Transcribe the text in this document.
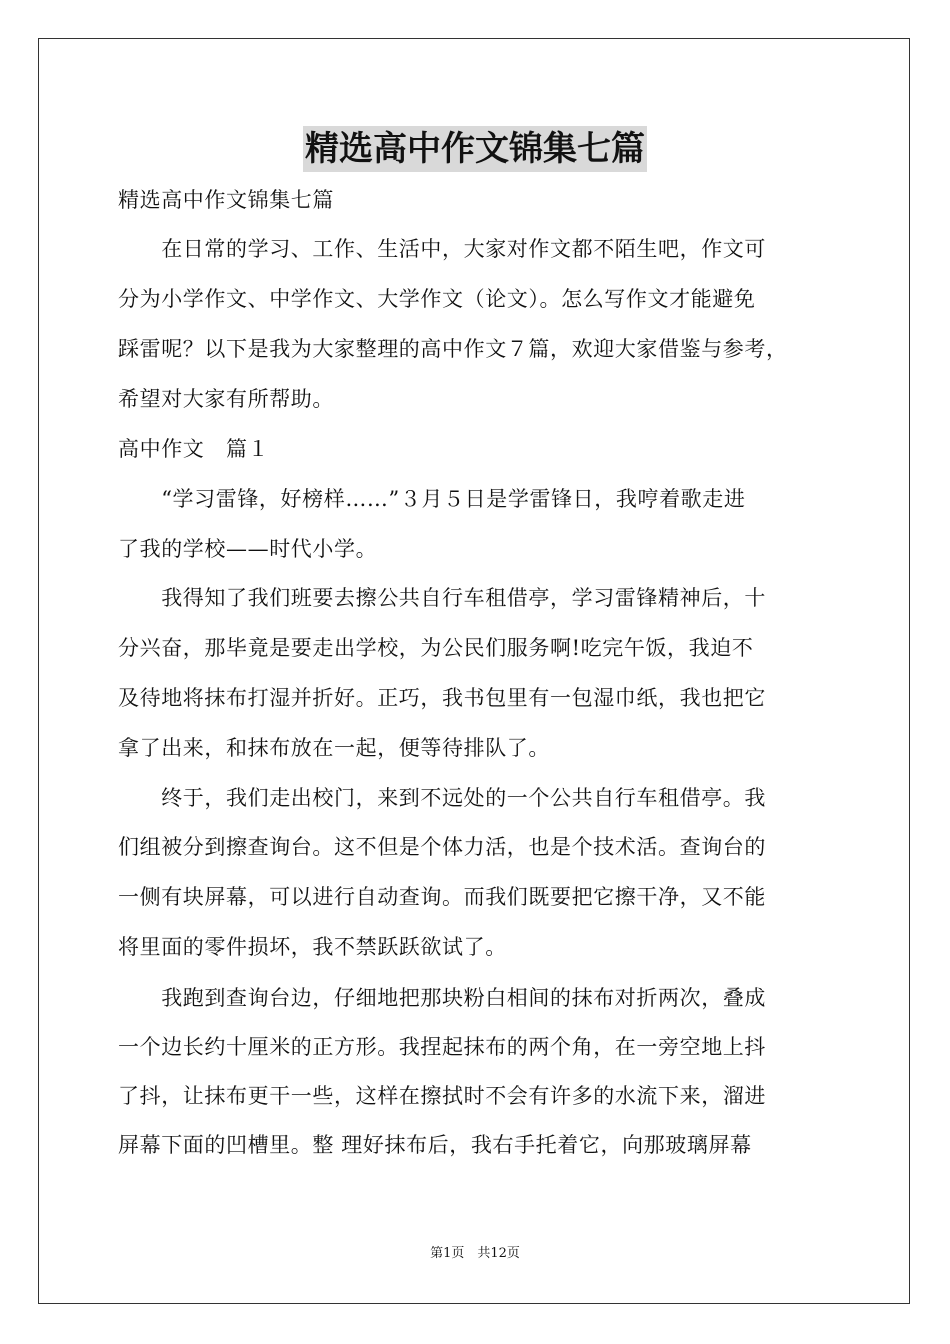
精选高中作文锦集七篇
精选高中作文锦集七篇
　　在日常的学习、工作、生活中，大家对作文都不陌生吧，作文可
分为小学作文、中学作文、大学作文（论文）。怎么写作文才能避免
踩雷呢？以下是我为大家整理的高中作文７篇，欢迎大家借鉴与参考，
希望对大家有所帮助。
高中作文　篇１
　　“学习雷锋，好榜样……”３月５日是学雷锋日，我哼着歌走进
了我的学校——时代小学。
　　我得知了我们班要去擦公共自行车租借亭，学习雷锋精神后，十
分兴奋，那毕竟是要走出学校，为公民们服务啊!吃完午饭，我迫不
及待地将抹布打湿并折好。正巧，我书包里有一包湿巾纸，我也把它
拿了出来，和抹布放在一起，便等待排队了。
　　终于，我们走出校门，来到不远处的一个公共自行车租借亭。我
们组被分到擦查询台。这不但是个体力活，也是个技术活。查询台的
一侧有块屏幕，可以进行自动查询。而我们既要把它擦干净，又不能
将里面的零件损坏，我不禁跃跃欲试了。
　　我跑到查询台边，仔细地把那块粉白相间的抹布对折两次，叠成
一个边长约十厘米的正方形。我捏起抹布的两个角，在一旁空地上抖
了抖，让抹布更干一些，这样在擦拭时不会有许多的水流下来，溜进
屏幕下面的凹槽里。整 理好抹布后，我右手托着它，向那玻璃屏幕
第1页　共12页
